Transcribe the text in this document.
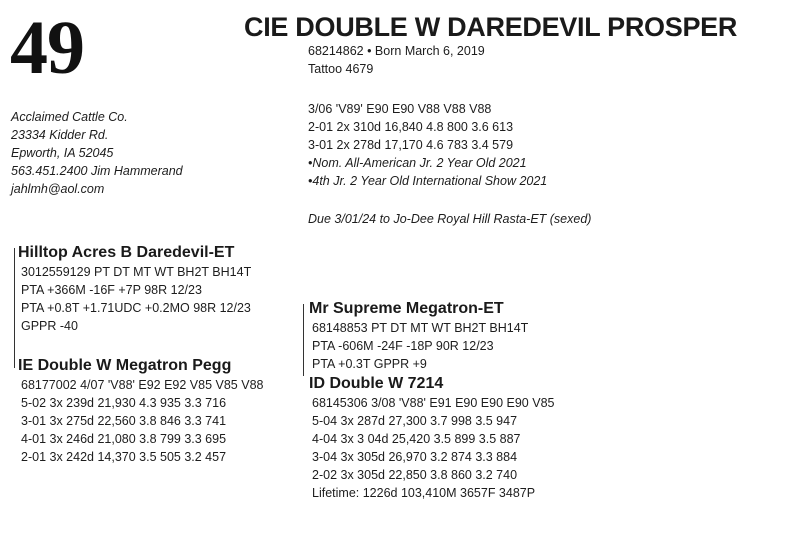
49	CIE DOUBLE W DAREDEVIL PROSPER
68214862 • Born March 6, 2019
Tattoo 4679
3/06 'V89' E90 E90 V88 V88 V88
2-01 2x 310d 16,840 4.8 800 3.6 613
3-01 2x 278d 17,170 4.6 783 3.4 579
•Nom. All-American Jr. 2 Year Old 2021
•4th Jr. 2 Year Old International Show 2021
Due 3/01/24 to Jo-Dee Royal Hill Rasta-ET (sexed)
Acclaimed Cattle Co.
23334 Kidder Rd.
Epworth, IA 52045
563.451.2400 Jim Hammerand
jahlmh@aol.com
Hilltop Acres B Daredevil-ET
3012559129 PT DT MT WT BH2T BH14T
PTA +366M -16F +7P 98R 12/23
PTA +0.8T +1.71UDC +0.2MO 98R 12/23
GPPR -40
IE Double W Megatron Pegg
68177002 4/07 'V88' E92 E92 V85 V85 V88
5-02 3x 239d 21,930 4.3 935 3.3 716
3-01 3x 275d 22,560 3.8 846 3.3 741
4-01 3x 246d 21,080 3.8 799 3.3 695
2-01 3x 242d 14,370 3.5 505 3.2 457
Mr Supreme Megatron-ET
68148853 PT DT MT WT BH2T BH14T
PTA -606M -24F -18P 90R 12/23
PTA +0.3T GPPR +9
ID Double W 7214
68145306 3/08 'V88' E91 E90 E90 E90 V85
5-04 3x 287d 27,300 3.7 998 3.5 947
4-04 3x 3 04d 25,420 3.5 899 3.5 887
3-04 3x 305d 26,970 3.2 874 3.3 884
2-02 3x 305d 22,850 3.8 860 3.2 740
Lifetime: 1226d 103,410M 3657F 3487P
